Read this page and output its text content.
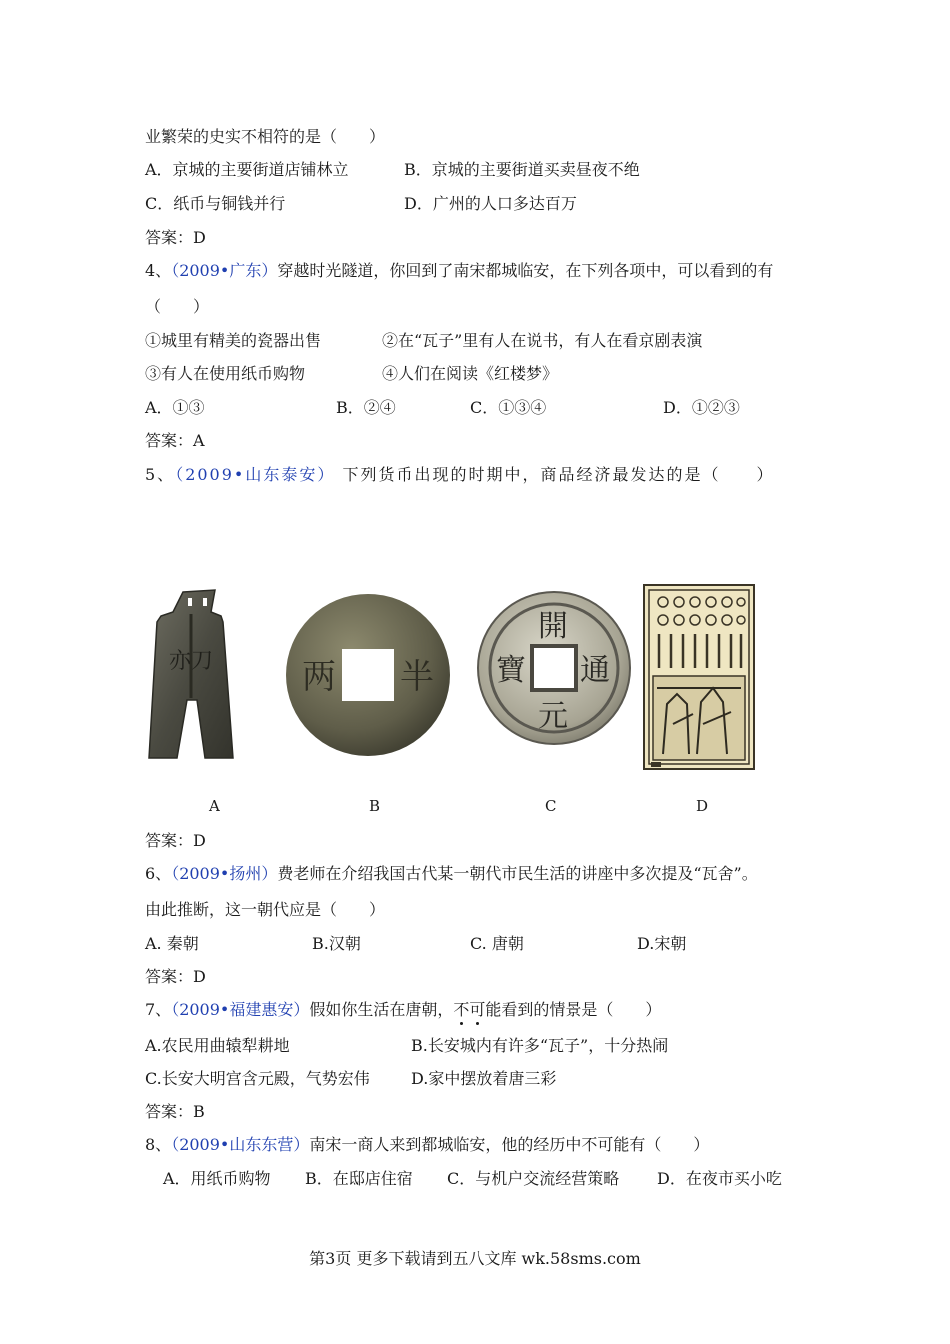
业繁荣的史实不相符的是（　　）
A．京城的主要街道店铺林立	B．京城的主要街道买卖昼夜不绝
C．纸币与铜钱并行	D．广州的人口多达百万
答案：D
4、（2009•广东）穿越时光隧道，你回到了南宋都城临安，在下列各项中，可以看到的有
（　　）
①城里有精美的瓷器出售	②在“瓦子”里有人在说书，有人在看京剧表演
③有人在使用纸币购物	④人们在阅读《红楼梦》
A．①③	B．②④	C．①③④	D．①②③
答案：A
5、（2009•山东泰安） 下列货币出现的时期中，商品经济最发达的是（　　）
亦刀	两 半
開
通
元
寶
A	B	C	D
答案：D
6、（2009•扬州）费老师在介绍我国古代某一朝代市民生活的讲座中多次提及“瓦舍”。
由此推断，这一朝代应是（　　）
A. 秦朝	B.汉朝	C. 唐朝	D.宋朝
答案：D
7、（2009•福建惠安）假如你生活在唐朝，不可能看到的情景是（　　）
A.农民用曲辕犁耕地	B.长安城内有许多“瓦子”，十分热闹
C.长安大明宫含元殿，气势宏伟	D.家中摆放着唐三彩
答案：B
8、（2009•山东东营）南宋一商人来到都城临安，他的经历中不可能有（　　）
A．用纸币购物 B．在邸店住宿 C．与机户交流经营策略 D．在夜市买小吃
第3页 更多下载请到五八文库 wk.58sms.com
